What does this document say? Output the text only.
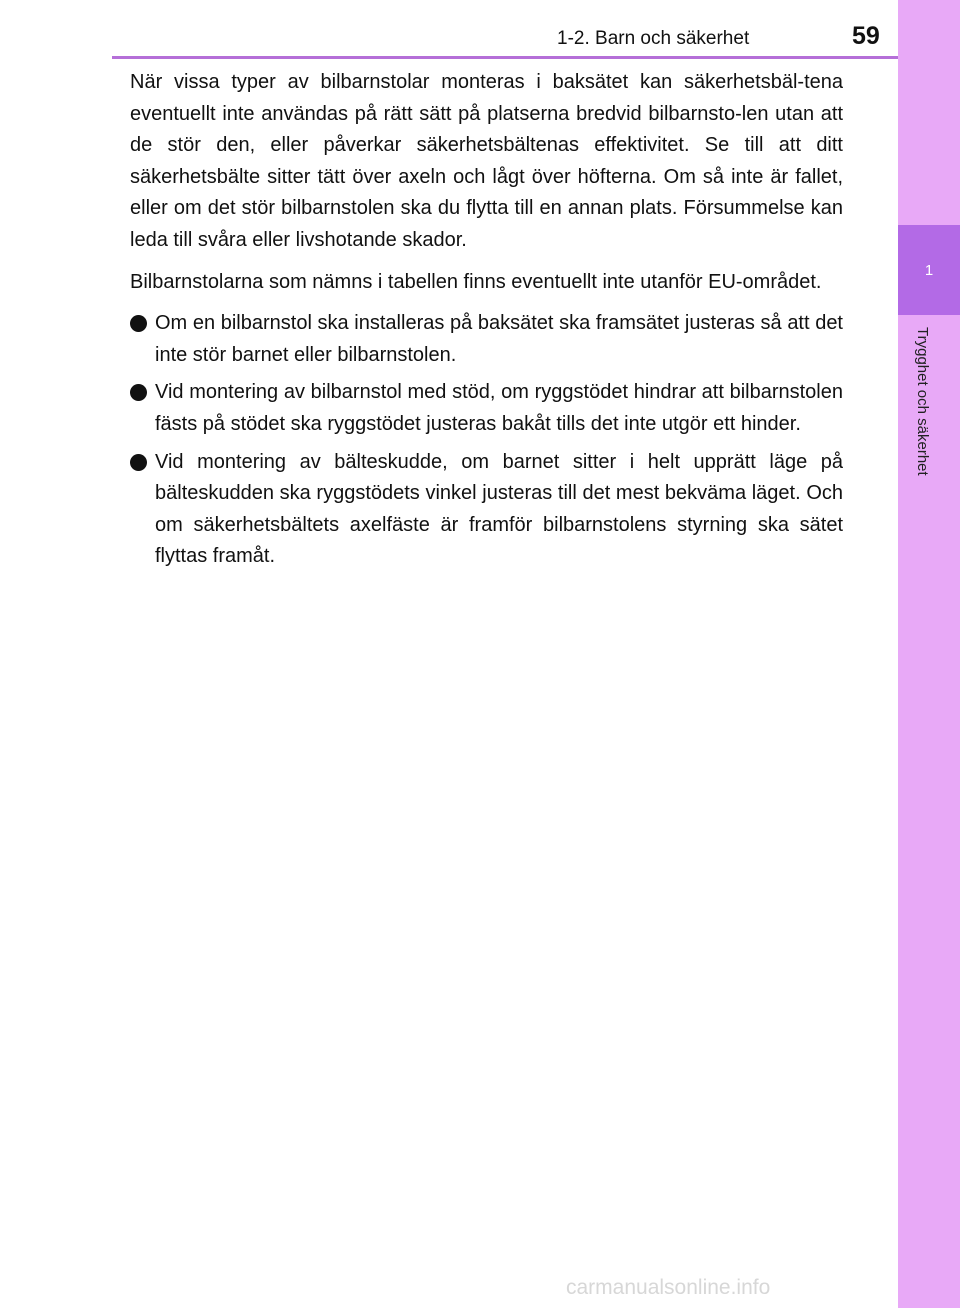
1-2. Barn och säkerhet	59
1
Trygghet och säkerhet

När vissa typer av bilbarnstolar monteras i baksätet kan säkerhetsbäl-tena eventuellt inte användas på rätt sätt på platserna bredvid bilbarnsto-len utan att de stör den, eller påverkar säkerhetsbältenas effektivitet. Se till att ditt säkerhetsbälte sitter tätt över axeln och lågt över höfterna. Om så inte är fallet, eller om det stör bilbarnstolen ska du flytta till en annan plats. Försummelse kan leda till svåra eller livshotande skador.

Bilbarnstolarna som nämns i tabellen finns eventuellt inte utanför EU-området.

Om en bilbarnstol ska installeras på baksätet ska framsätet justeras så att det inte stör barnet eller bilbarnstolen.
Vid montering av bilbarnstol med stöd, om ryggstödet hindrar att bilbarnstolen fästs på stödet ska ryggstödet justeras bakåt tills det inte utgör ett hinder.
Vid montering av bälteskudde, om barnet sitter i helt upprätt läge på bälteskudden ska ryggstödets vinkel justeras till det mest bekväma läget. Och om säkerhetsbältets axelfäste är framför bilbarnstolens styrning ska sätet flyttas framåt.
carmanualsonline.info
